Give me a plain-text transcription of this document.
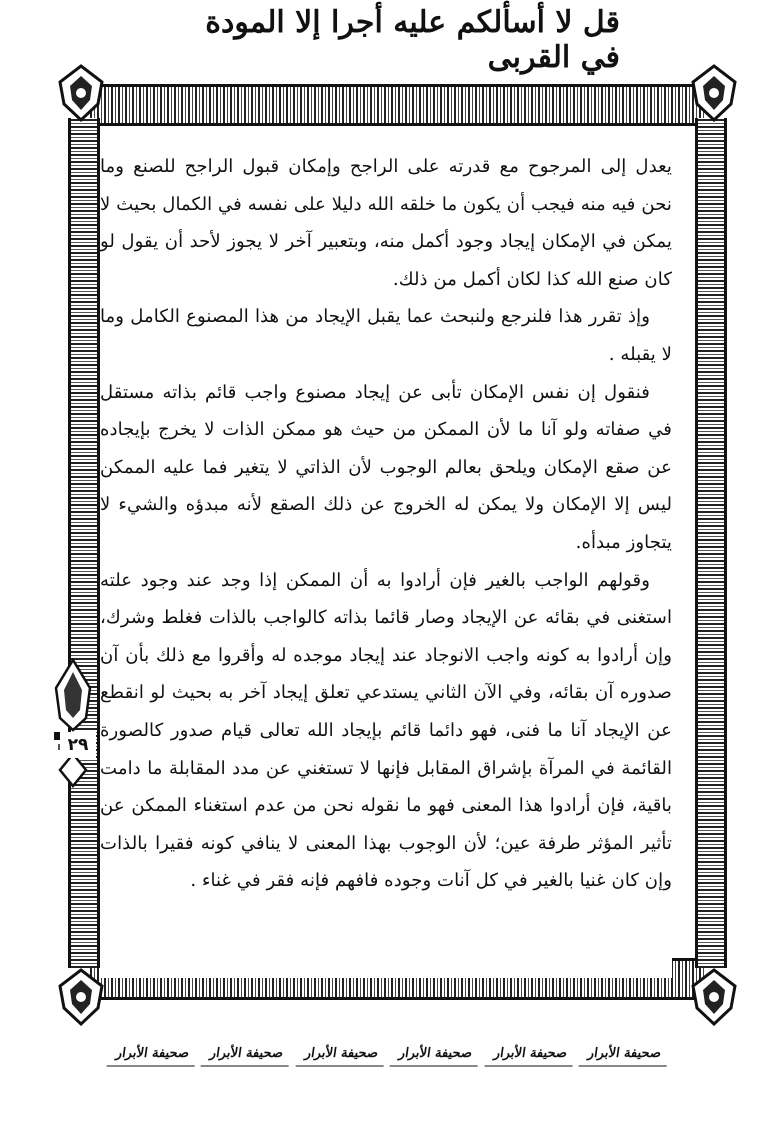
قل لا أسألكم عليه أجرا إلا المودة في القربى
٢٩

يعدل إلى المرجوح مع قدرته على الراجح وإمكان قبول الراجح للصنع وما نحن فيه منه فيجب أن يكون ما خلقه الله دليلا على نفسه في الكمال بحيث لا يمكن في الإمكان إيجاد وجود أكمل منه، وبتعبير آخر لا يجوز لأحد أن يقول لو كان صنع الله كذا لكان أكمل من ذلك.

وإذ تقرر هذا فلنرجع ولنبحث عما يقبل الإيجاد من هذا المصنوع الكامل وما لا يقبله .

فنقول إن نفس الإمكان تأبى عن إيجاد مصنوع واجب قائم بذاته مستقل في صفاته ولو آنا ما لأن الممكن من حيث هو ممكن الذات لا يخرج بإيجاده عن صقع الإمكان ويلحق بعالم الوجوب لأن الذاتي لا يتغير فما عليه الممكن ليس إلا الإمكان ولا يمكن له الخروج عن ذلك الصقع لأنه مبدؤه والشيء لا يتجاوز مبدأه.

وقولهم الواجب بالغير فإن أرادوا به أن الممكن إذا وجد عند وجود علته استغنى في بقائه عن الإيجاد وصار قائما بذاته كالواجب بالذات فغلط وشرك، وإن أرادوا به كونه واجب الانوجاد عند إيجاد موجده له وأقروا مع ذلك بأن آن صدوره آن بقائه، وفي الآن الثاني يستدعي تعلق إيجاد آخر به بحيث لو انقطع عن الإيجاد آنا ما فنى، فهو دائما قائم بإيجاد الله تعالى قيام صدور كالصورة القائمة في المرآة بإشراق المقابل فإنها لا تستغني عن مدد المقابلة ما دامت باقية، فإن أرادوا هذا المعنى فهو ما نقوله نحن من عدم استغناء الممكن عن تأثير المؤثر طرفة عين؛ لأن الوجوب بهذا المعنى لا ينافي كونه فقيرا بالذات وإن كان غنيا بالغير في كل آنات وجوده فافهم فإنه فقر في غناء .

صحيفة الأبرار
صحيفة الأبرار
صحيفة الأبرار
صحيفة الأبرار
صحيفة الأبرار
صحيفة الأبرار
